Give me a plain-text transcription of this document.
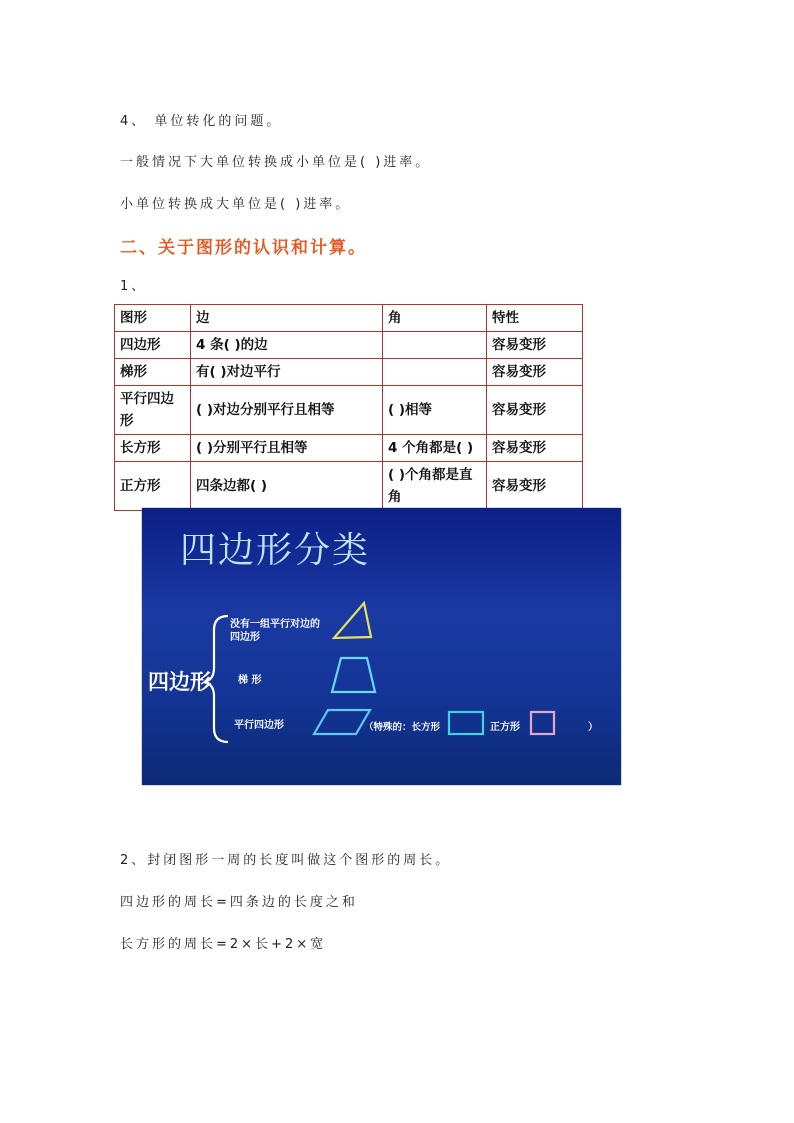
4、 单位转化的问题。
一般情况下大单位转换成小单位是( )进率。
小单位转换成大单位是( )进率。
二、关于图形的认识和计算。
1、
图形	边	角	特性
四边形	4 条( )的边		容易变形
梯形	有( )对边平行		容易变形
平行四边形	( )对边分别平行且相等	( )相等	容易变形
长方形	( )分别平行且相等	4 个角都是( )	容易变形
正方形	四条边都( )	( )个角都是直角	容易变形
四边形分类
四边形
没有一组平行对边的四边形
梯 形
平行四边形	（特殊的：长方形	正方形	）
2、封闭图形一周的长度叫做这个图形的周长。
四边形的周长=四条边的长度之和
长方形的周长=2×长+2×宽
